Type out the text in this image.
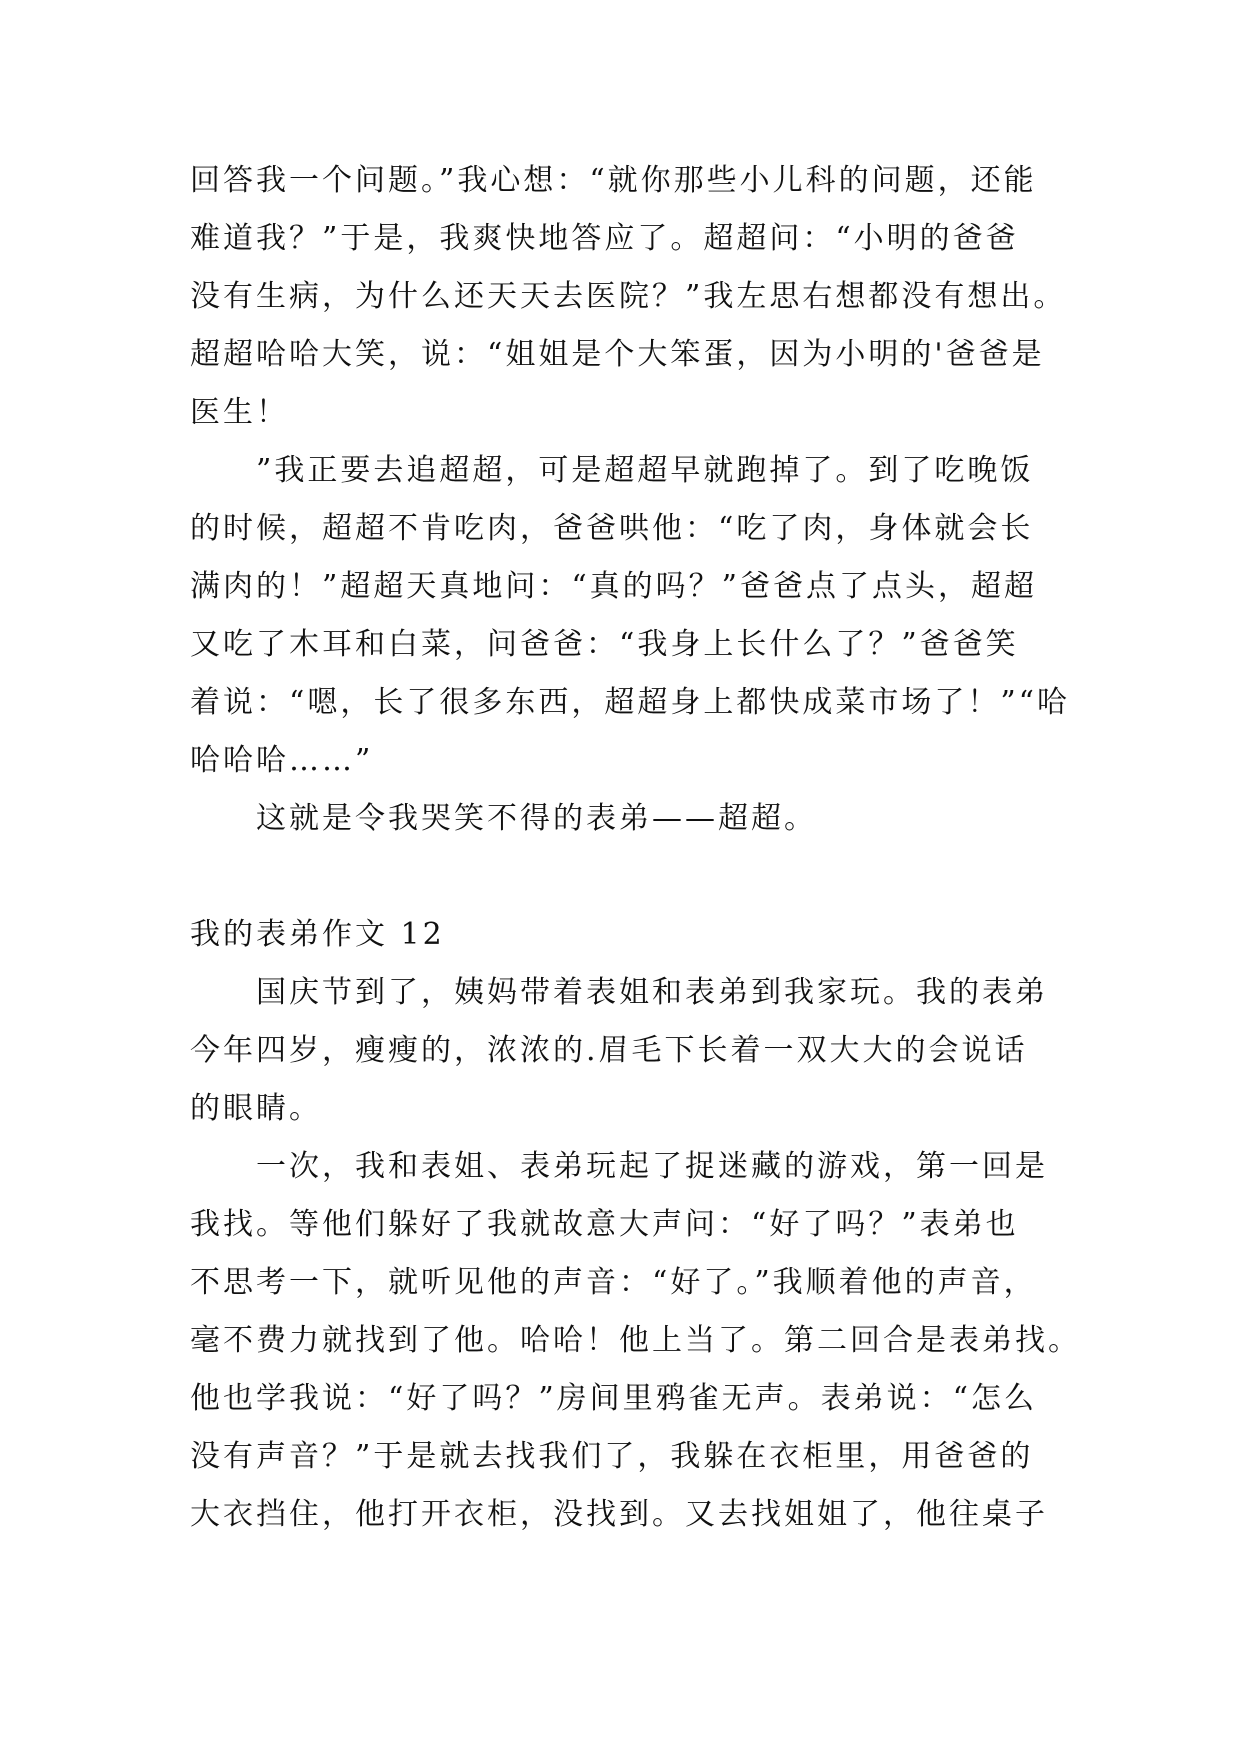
回答我一个问题。”我心想：“就你那些小儿科的问题，还能
难道我？”于是，我爽快地答应了。超超问：“小明的爸爸
没有生病，为什么还天天去医院？”我左思右想都没有想出。
超超哈哈大笑，说：“姐姐是个大笨蛋，因为小明的'爸爸是
医生！
”我正要去追超超，可是超超早就跑掉了。到了吃晚饭
的时候，超超不肯吃肉，爸爸哄他：“吃了肉，身体就会长
满肉的！”超超天真地问：“真的吗？”爸爸点了点头，超超
又吃了木耳和白菜，问爸爸：“我身上长什么了？”爸爸笑
着说：“嗯，长了很多东西，超超身上都快成菜市场了！”“哈
哈哈哈……”
这就是令我哭笑不得的表弟——超超。
我的表弟作文 12
国庆节到了，姨妈带着表姐和表弟到我家玩。我的表弟
今年四岁，瘦瘦的，浓浓的.眉毛下长着一双大大的会说话
的眼睛。
一次，我和表姐、表弟玩起了捉迷藏的游戏，第一回是
我找。等他们躲好了我就故意大声问：“好了吗？”表弟也
不思考一下，就听见他的声音：“好了。”我顺着他的声音，
毫不费力就找到了他。哈哈！他上当了。第二回合是表弟找。
他也学我说：“好了吗？”房间里鸦雀无声。表弟说：“怎么
没有声音？”于是就去找我们了，我躲在衣柜里，用爸爸的
大衣挡住，他打开衣柜，没找到。又去找姐姐了，他往桌子
